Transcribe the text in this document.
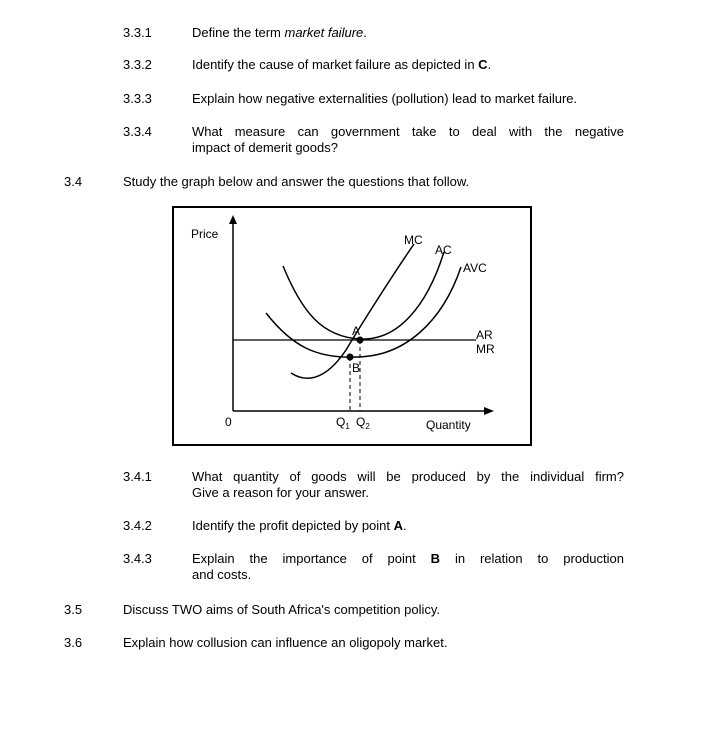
3.3.1	Define the term market failure.
3.3.2	Identify the cause of market failure as depicted in C.
3.3.3	Explain how negative externalities (pollution) lead to market failure.
3.3.4	What measure can government take to deal with the negative
impact of demerit goods?
3.4	Study the graph below and answer the questions that follow.
Price
Quantity
0
AR
MR
AVC
AC
MC
A
B
$Q_1$ $Q_2$
3.4.1	What quantity of goods will be produced by the individual firm?
Give a reason for your answer.
3.4.2	Identify the profit depicted by point A.
3.4.3	Explain the importance of point B in relation to production
and costs.
3.5	Discuss TWO aims of South Africa's competition policy.
3.6	Explain how collusion can influence an oligopoly market.
